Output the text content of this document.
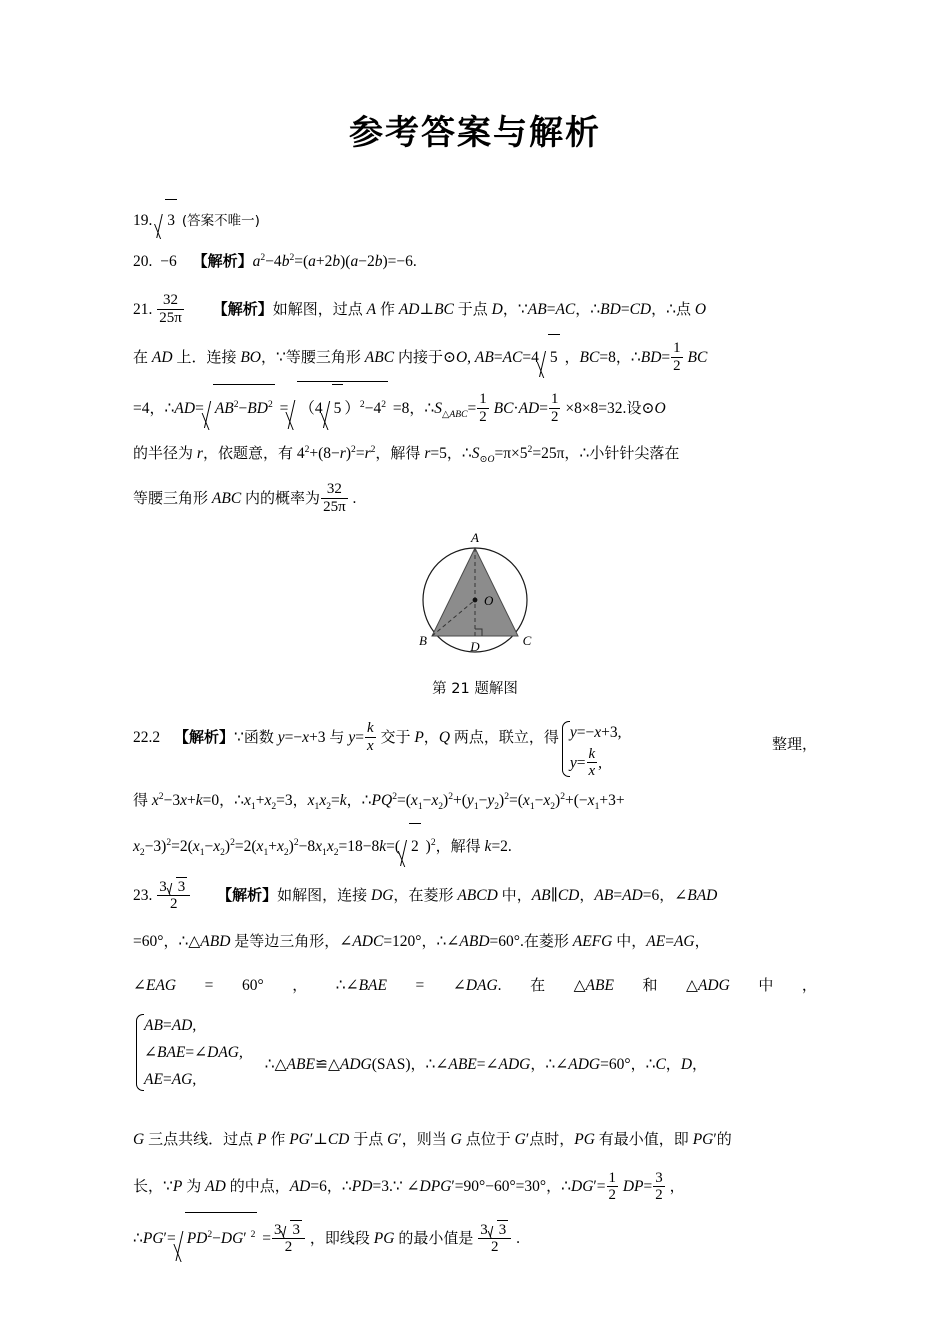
参考答案与解析
19. 3 (答案不唯一)
20. −6 【解析】$a^2-4b^2=(a+2b)(a-2b)=-6$.
21. $\frac{32}{25\pi}$ 【解析】如解图，过点 A 作 AD⊥BC 于点 D，∵AB=AC，∴BD=CD，∴点 O
在 AD 上．连接 BO，∵等腰三角形 ABC 内接于⊙O, AB=AC=4 5 ，BC=8，∴BD= $\frac{1}{2}$ BC
=4，∴AD= $AB^2-BD^2 = (4$ 5 ）$^2-4^2 =8$，$\therefore S_{\triangle ABC}= \frac{1}{2} BC\cdot AD= \frac{1}{2} \times 8\times 8=32$.设⊙O
的半径为 r，依题意，有 $4^2+(8-r)^2=r^2$，解得 r=5，$\therefore S_{⊙O}=\pi\times 5^2=25\pi$，∴小针针尖落在
等腰三角形 ABC 内的概率为 $\frac{32}{25\pi}$ .
A
B	C
D
O
第 21 题解图
22.2 【解析】∵函数 y=−x+3 与 $y= \frac{k}{x}$ 交于 P，Q 两点，联立，得 y=−x+3,
$y= \frac{k}{x}$ ,
整理，
得 $x^2-3x+k=0$，$\therefore x_1+x_2=3$，$x_1x_2=k$，$\therefore PQ^2=(x_1-x_2)^2+(y_1-y_2)^2=(x_1-x_2)^2+(-x_1+3+$
$x_2-3)^2=2(x_1-x_2)^2=2(x_1+x_2)^2-8x_1x_2=18-8k=$( 2 )$^2$，解得 k=2.
23. $\frac{3 3}{2}$ 【解析】如解图，连接 DG，在菱形 ABCD 中，AB∥CD，AB=AD=6，∠BAD
=60°，∴△ABD 是等边三角形，∠ADC=120°，∴∠ABD=60°.在菱形 AEFG 中，AE=AG，
∠EAG = 60° ， ∴∠BAE = ∠DAG. 在 △ABE 和 △ADG 中 ，
AB=AD,
∠BAE=∠DAG,
AE=AG,
∴△ABE≌△ADG(SAS)，∴∠ABE=∠ADG，∴∠ADG=60°，∴C，D，
G 三点共线．过点 P 作 PG′⊥CD 于点 G′，则当 G 点位于 G′点时，PG 有最小值，即 PG′的
长，∵P 为 AD 的中点，AD=6，∴PD=3.∵ ∠DPG′=90°−60°=30°，∴DG′= $\frac{1}{2} DP= \frac{3}{2}$ ，
∴PG′= $PD^2-DG'$ $^2 = \frac{3 3}{2}$ ，即线段 PG 的最小值是 $\frac{3 3}{2}$ .
